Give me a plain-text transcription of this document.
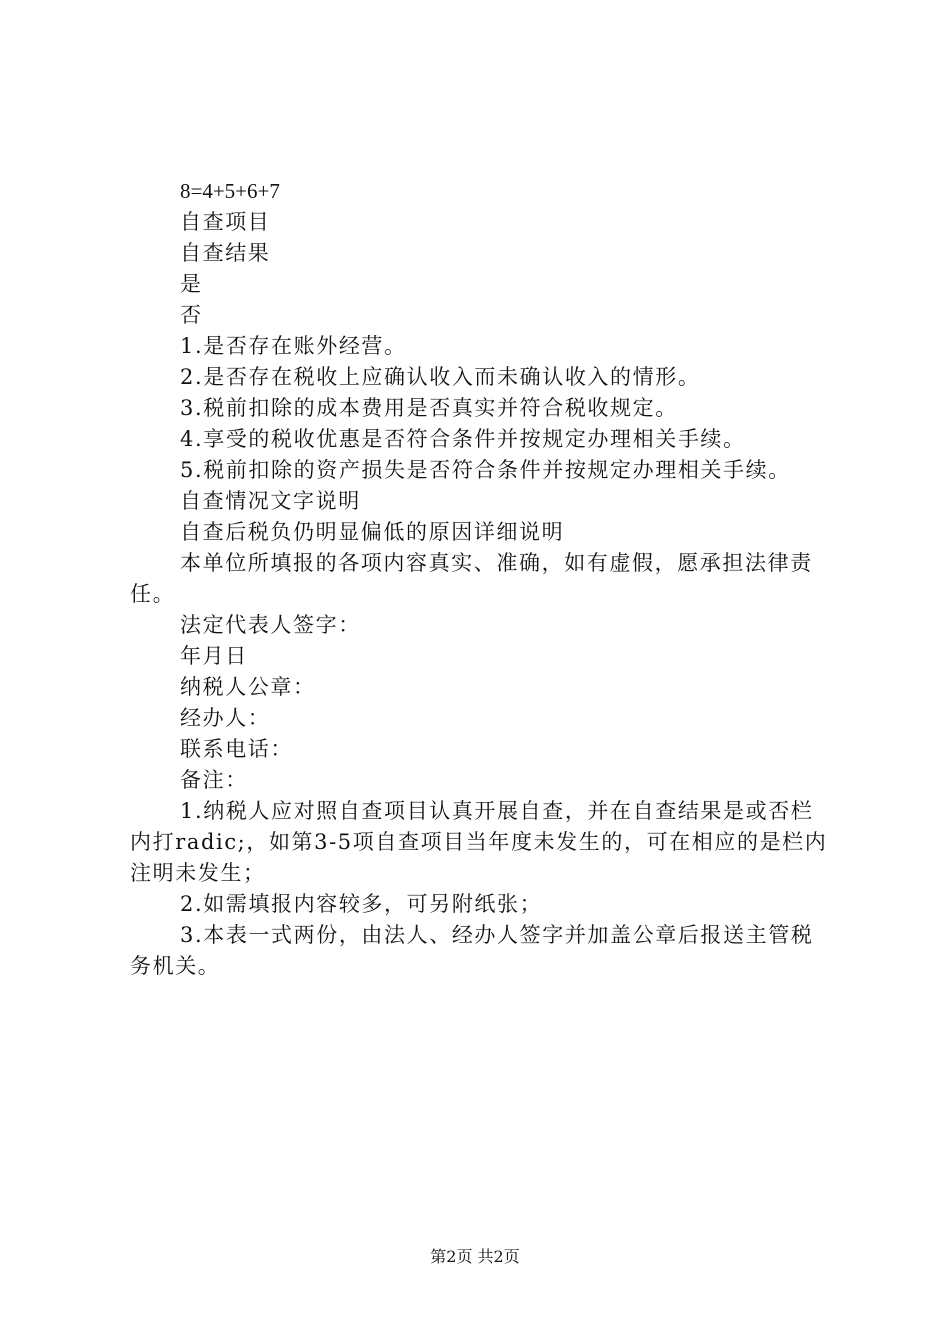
8=4+5+6+7

自查项目

自查结果

是

否

1.是否存在账外经营。

2.是否存在税收上应确认收入而未确认收入的情形。

3.税前扣除的成本费用是否真实并符合税收规定。

4.享受的税收优惠是否符合条件并按规定办理相关手续。

5.税前扣除的资产损失是否符合条件并按规定办理相关手续。

自查情况文字说明

自查后税负仍明显偏低的原因详细说明

本单位所填报的各项内容真实、准确，如有虚假，愿承担法律责任。

法定代表人签字：

年月日

纳税人公章：

经办人：

联系电话：

备注：

1.纳税人应对照自查项目认真开展自查，并在自查结果是或否栏内打radic;，如第3-5项自查项目当年度未发生的，可在相应的是栏内注明未发生；

2.如需填报内容较多，可另附纸张；

3.本表一式两份，由法人、经办人签字并加盖公章后报送主管税务机关。

第2页 共2页
